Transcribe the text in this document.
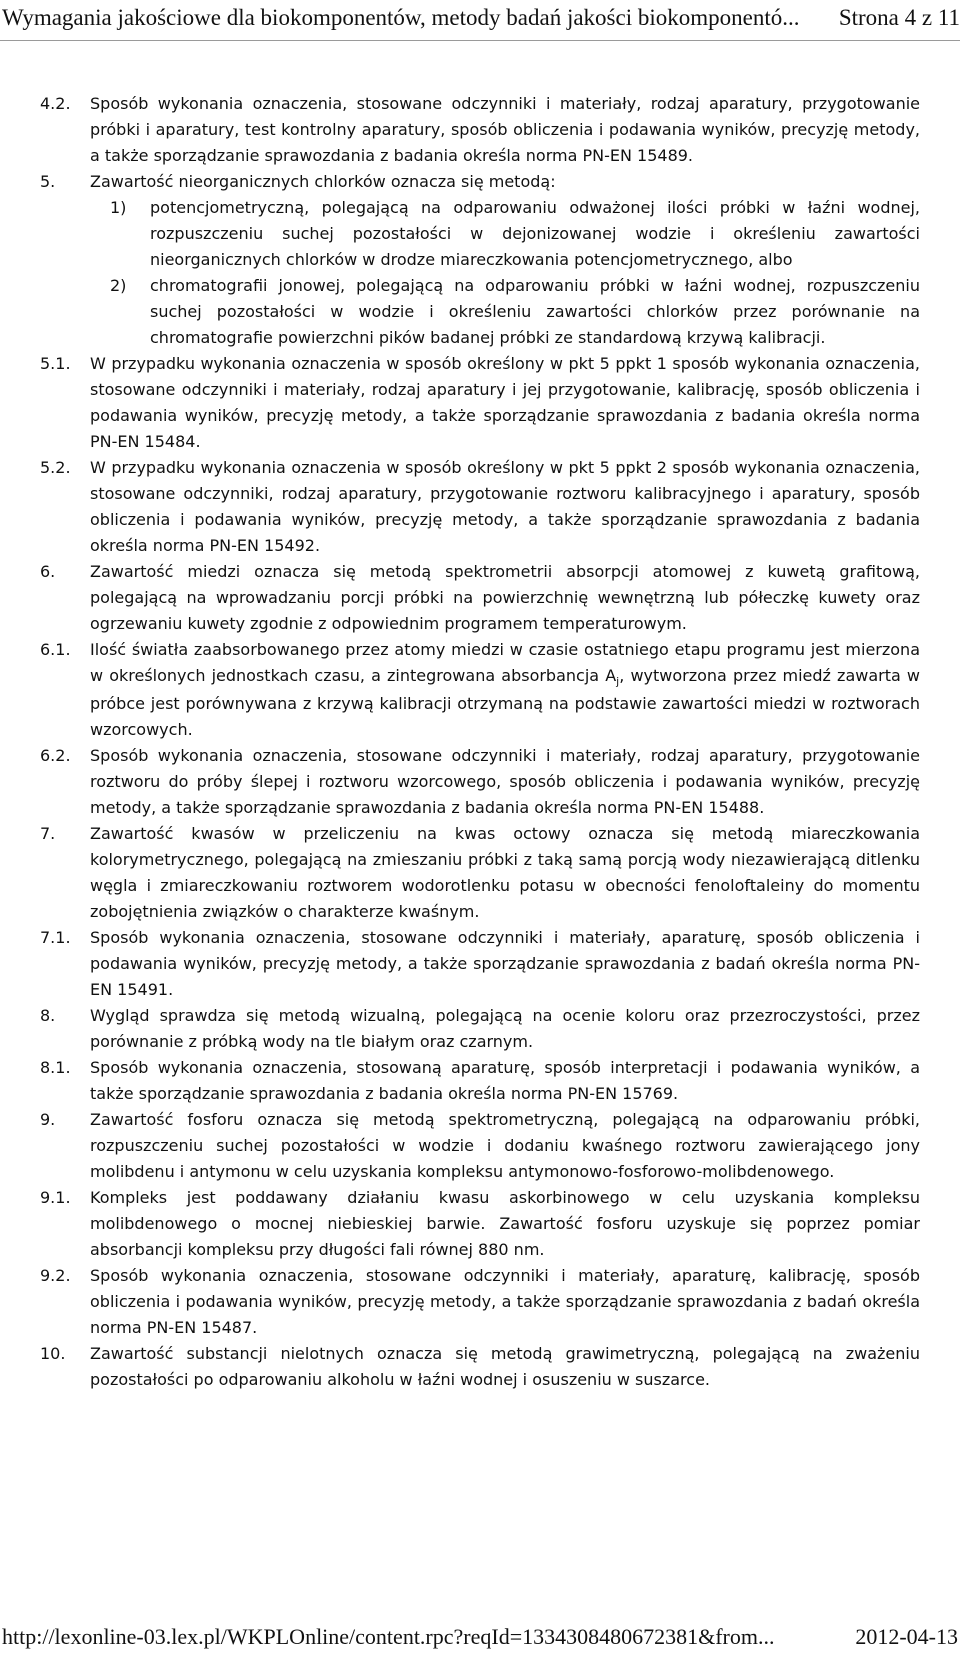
Wymagania jakościowe dla biokomponentów, metody badań jakości biokomponentó... Strona 4 z 11
4.2. Sposób wykonania oznaczenia, stosowane odczynniki i materiały, rodzaj aparatury, przygotowanie próbki i aparatury, test kontrolny aparatury, sposób obliczenia i podawania wyników, precyzję metody, a także sporządzanie sprawozdania z badania określa norma PN-EN 15489.
5. Zawartość nieorganicznych chlorków oznacza się metodą:
1) potencjometryczną, polegającą na odparowaniu odważonej ilości próbki w łaźni wodnej, rozpuszczeniu suchej pozostałości w dejonizowanej wodzie i określeniu zawartości nieorganicznych chlorków w drodze miareczkowania potencjometrycznego, albo
2) chromatografii jonowej, polegającą na odparowaniu próbki w łaźni wodnej, rozpuszczeniu suchej pozostałości w wodzie i określeniu zawartości chlorków przez porównanie na chromatografie powierzchni pików badanej próbki ze standardową krzywą kalibracji.
5.1. W przypadku wykonania oznaczenia w sposób określony w pkt 5 ppkt 1 sposób wykonania oznaczenia, stosowane odczynniki i materiały, rodzaj aparatury i jej przygotowanie, kalibrację, sposób obliczenia i podawania wyników, precyzję metody, a także sporządzanie sprawozdania z badania określa norma PN-EN 15484.
5.2. W przypadku wykonania oznaczenia w sposób określony w pkt 5 ppkt 2 sposób wykonania oznaczenia, stosowane odczynniki, rodzaj aparatury, przygotowanie roztworu kalibracyjnego i aparatury, sposób obliczenia i podawania wyników, precyzję metody, a także sporządzanie sprawozdania z badania określa norma PN-EN 15492.
6. Zawartość miedzi oznacza się metodą spektrometrii absorpcji atomowej z kuwetą grafitową, polegającą na wprowadzaniu porcji próbki na powierzchnię wewnętrzną lub półeczkę kuwety oraz ogrzewaniu kuwety zgodnie z odpowiednim programem temperaturowym.
6.1. Ilość światła zaabsorbowanego przez atomy miedzi w czasie ostatniego etapu programu jest mierzona w określonych jednostkach czasu, a zintegrowana absorbancja $A_j$, wytworzona przez miedź zawarta w próbce jest porównywana z krzywą kalibracji otrzymaną na podstawie zawartości miedzi w roztworach wzorcowych.
6.2. Sposób wykonania oznaczenia, stosowane odczynniki i materiały, rodzaj aparatury, przygotowanie roztworu do próby ślepej i roztworu wzorcowego, sposób obliczenia i podawania wyników, precyzję metody, a także sporządzanie sprawozdania z badania określa norma PN-EN 15488.
7. Zawartość kwasów w przeliczeniu na kwas octowy oznacza się metodą miareczkowania kolorymetrycznego, polegającą na zmieszaniu próbki z taką samą porcją wody niezawierającą ditlenku węgla i zmiareczkowaniu roztworem wodorotlenku potasu w obecności fenoloftaleiny do momentu zobojętnienia związków o charakterze kwaśnym.
7.1. Sposób wykonania oznaczenia, stosowane odczynniki i materiały, aparaturę, sposób obliczenia i podawania wyników, precyzję metody, a także sporządzanie sprawozdania z badań określa norma PN-EN 15491.
8. Wygląd sprawdza się metodą wizualną, polegającą na ocenie koloru oraz przezroczystości, przez porównanie z próbką wody na tle białym oraz czarnym.
8.1. Sposób wykonania oznaczenia, stosowaną aparaturę, sposób interpretacji i podawania wyników, a także sporządzanie sprawozdania z badania określa norma PN-EN 15769.
9. Zawartość fosforu oznacza się metodą spektrometryczną, polegającą na odparowaniu próbki, rozpuszczeniu suchej pozostałości w wodzie i dodaniu kwaśnego roztworu zawierającego jony molibdenu i antymonu w celu uzyskania kompleksu antymonowo-fosforowo-molibdenowego.
9.1. Kompleks jest poddawany działaniu kwasu askorbinowego w celu uzyskania kompleksu molibdenowego o mocnej niebieskiej barwie. Zawartość fosforu uzyskuje się poprzez pomiar absorbancji kompleksu przy długości fali równej 880 nm.
9.2. Sposób wykonania oznaczenia, stosowane odczynniki i materiały, aparaturę, kalibrację, sposób obliczenia i podawania wyników, precyzję metody, a także sporządzanie sprawozdania z badań określa norma PN-EN 15487.
10. Zawartość substancji nielotnych oznacza się metodą grawimetryczną, polegającą na zważeniu pozostałości po odparowaniu alkoholu w łaźni wodnej i osuszeniu w suszarce.
http://lexonline-03.lex.pl/WKPLOnline/content.rpc?reqId=1334308480672381&from...	2012-04-13
